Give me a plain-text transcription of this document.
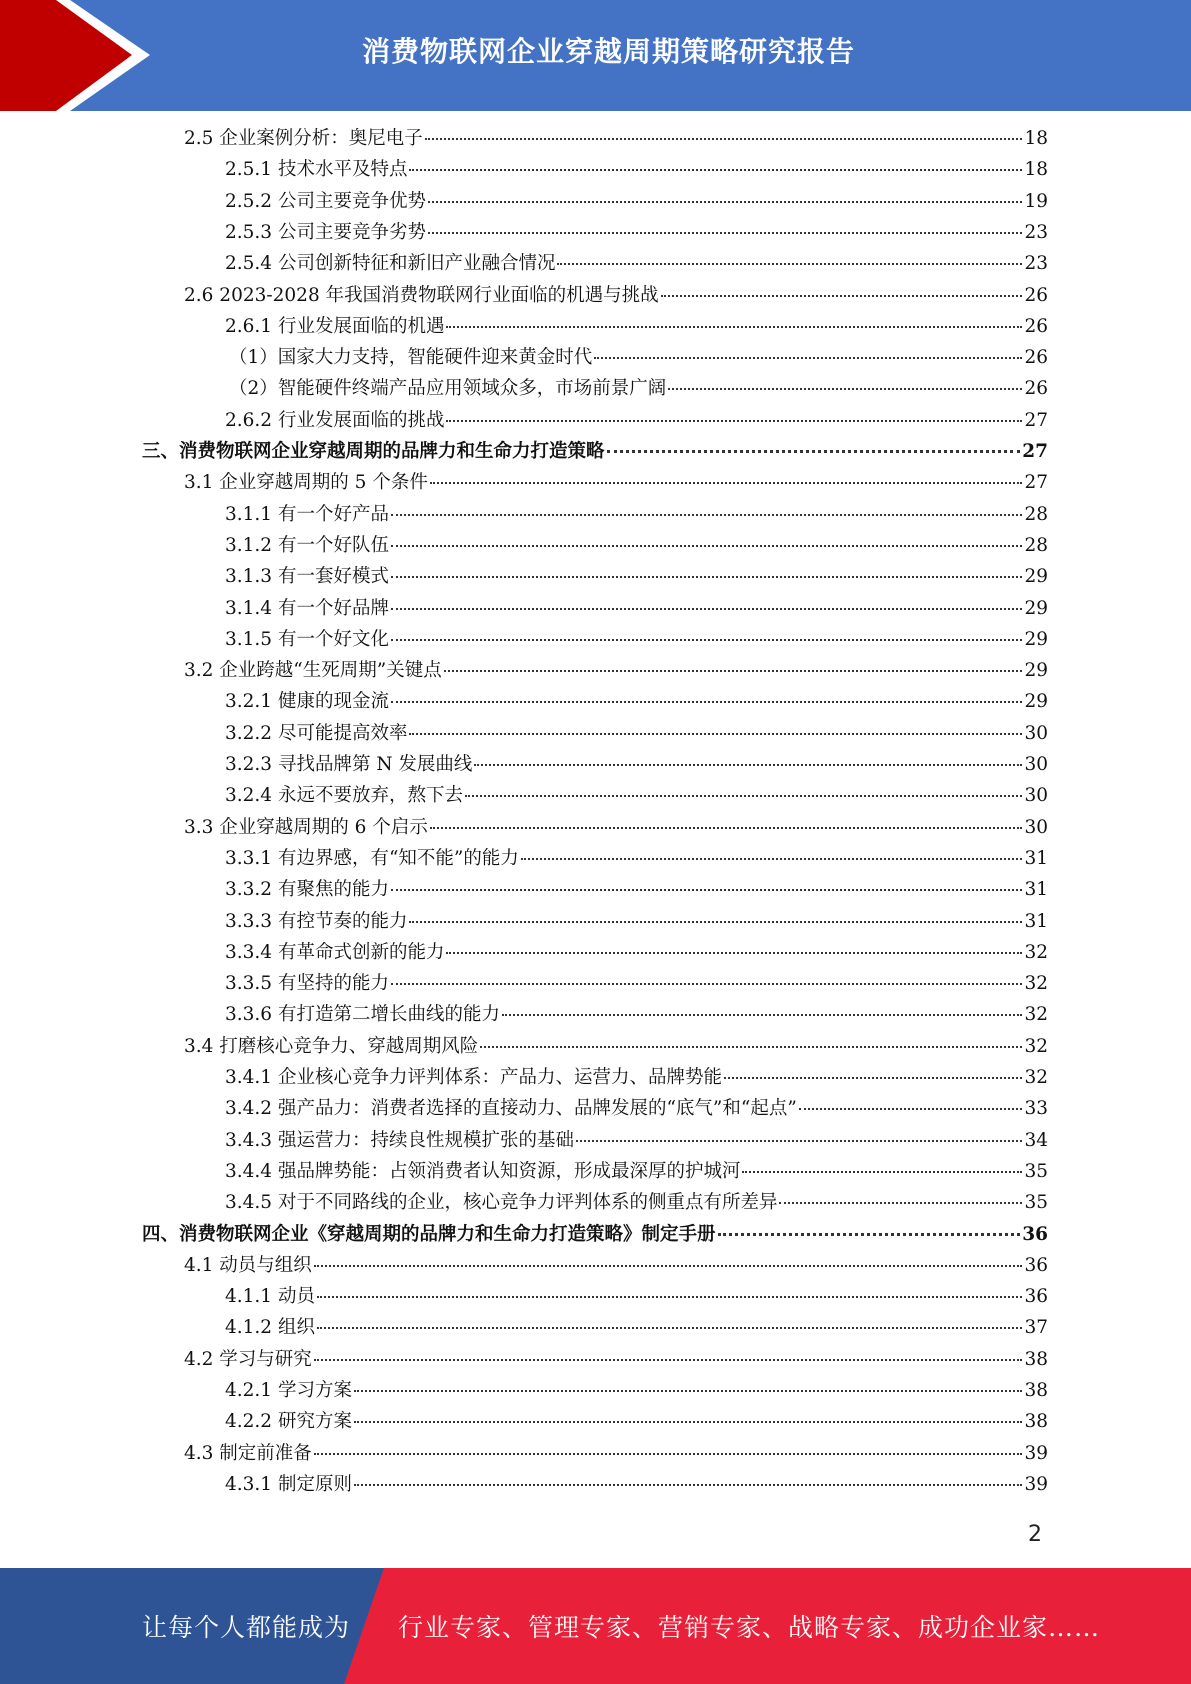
消费物联网企业穿越周期策略研究报告
2.5 企业案例分析：奥尼电子	18
2.5.1 技术水平及特点	18
2.5.2 公司主要竞争优势	19
2.5.3 公司主要竞争劣势	23
2.5.4 公司创新特征和新旧产业融合情况	23
2.6 2023-2028 年我国消费物联网行业面临的机遇与挑战	26
2.6.1 行业发展面临的机遇	26
（1）国家大力支持，智能硬件迎来黄金时代	26
（2）智能硬件终端产品应用领域众多，市场前景广阔	26
2.6.2 行业发展面临的挑战	27
三、消费物联网企业穿越周期的品牌力和生命力打造策略	27
3.1 企业穿越周期的 5 个条件	27
3.1.1 有一个好产品	28
3.1.2 有一个好队伍	28
3.1.3 有一套好模式	29
3.1.4 有一个好品牌	29
3.1.5 有一个好文化	29
3.2 企业跨越“生死周期”关键点	29
3.2.1 健康的现金流	29
3.2.2 尽可能提高效率	30
3.2.3 寻找品牌第 N 发展曲线	30
3.2.4 永远不要放弃，熬下去	30
3.3 企业穿越周期的 6 个启示	30
3.3.1 有边界感，有“知不能”的能力	31
3.3.2 有聚焦的能力	31
3.3.3 有控节奏的能力	31
3.3.4 有革命式创新的能力	32
3.3.5 有坚持的能力	32
3.3.6 有打造第二增长曲线的能力	32
3.4 打磨核心竞争力、穿越周期风险	32
3.4.1 企业核心竞争力评判体系：产品力、运营力、品牌势能	32
3.4.2 强产品力：消费者选择的直接动力、品牌发展的“底气”和“起点”	33
3.4.3 强运营力：持续良性规模扩张的基础	34
3.4.4 强品牌势能：占领消费者认知资源，形成最深厚的护城河	35
3.4.5 对于不同路线的企业，核心竞争力评判体系的侧重点有所差异	35
四、消费物联网企业《穿越周期的品牌力和生命力打造策略》制定手册	36
4.1 动员与组织	36
4.1.1 动员	36
4.1.2 组织	37
4.2 学习与研究	38
4.2.1 学习方案	38
4.2.2 研究方案	38
4.3 制定前准备	39
4.3.1 制定原则	39
2
让每个人都能成为 行业专家、管理专家、营销专家、战略专家、成功企业家……
